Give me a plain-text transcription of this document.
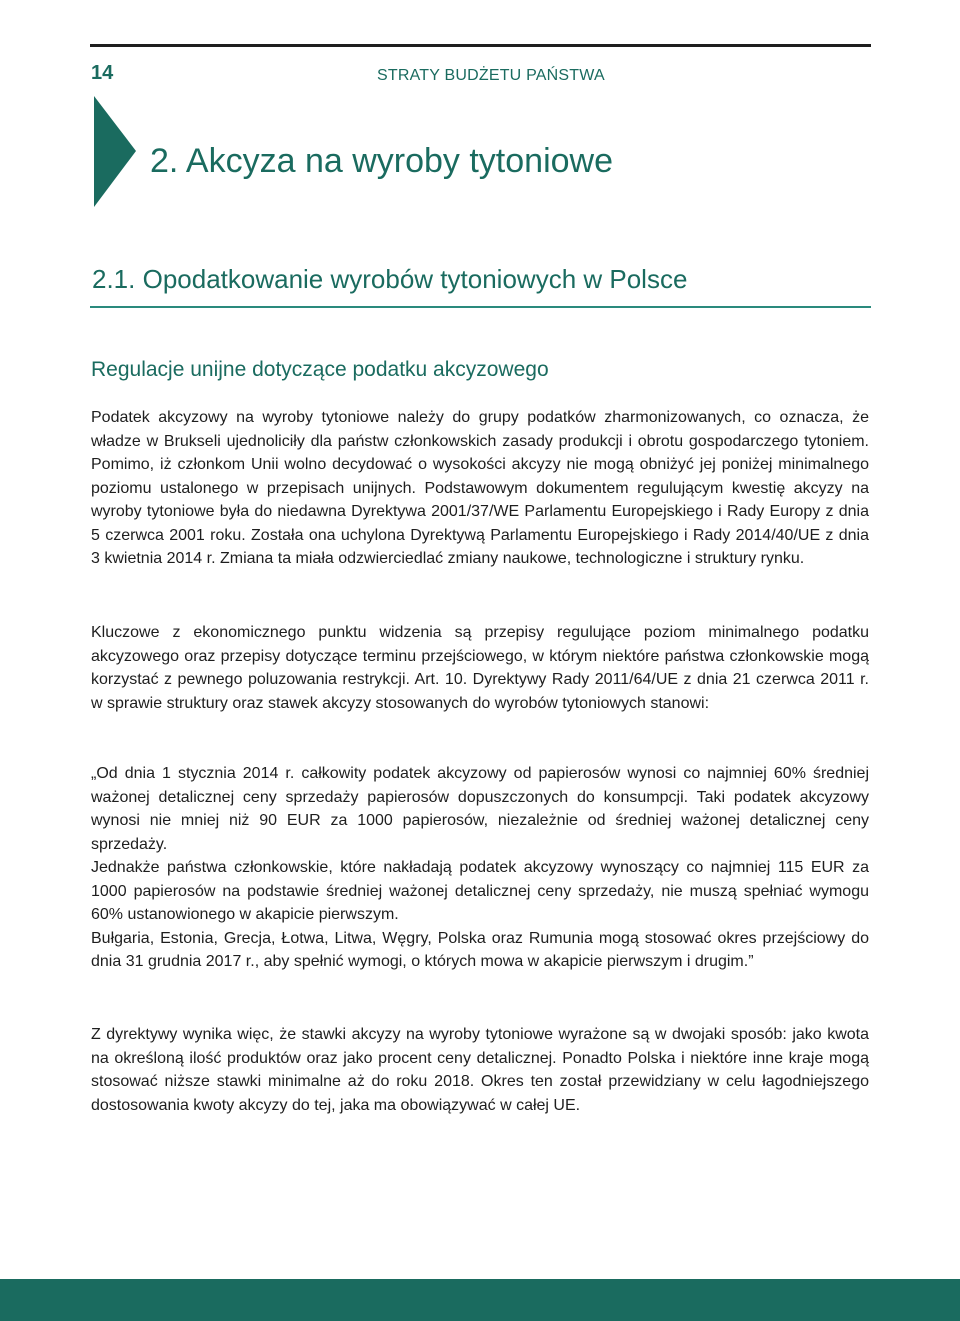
14	STRATY BUDŻETU PAŃSTWA
2. Akcyza na wyroby tytoniowe
2.1. Opodatkowanie wyrobów tytoniowych w Polsce
Regulacje unijne dotyczące podatku akcyzowego

Podatek akcyzowy na wyroby tytoniowe należy do grupy podatków zharmonizowanych, co oznacza, że władze w Brukseli ujednoliciły dla państw członkowskich zasady produkcji i obrotu gospodarczego tytoniem. Pomimo, iż członkom Unii wolno decydować o wysokości akcyzy nie mogą obniżyć jej poniżej minimalnego poziomu ustalonego w przepisach unijnych. Podstawowym dokumentem regulującym kwestię akcyzy na wyroby tytoniowe była do niedawna Dyrektywa 2001/37/WE Parlamentu Europejskiego i Rady Europy z dnia 5 czerwca 2001 roku. Została ona uchylona Dyrektywą Parlamentu Europejskiego i Rady 2014/40/UE z dnia 3 kwietnia 2014 r. Zmiana ta miała odzwierciedlać zmiany naukowe, technologiczne i struktury rynku.

Kluczowe z ekonomicznego punktu widzenia są przepisy regulujące poziom minimalnego podatku akcyzowego oraz przepisy dotyczące terminu przejściowego, w którym niektóre państwa członkowskie mogą korzystać z pewnego poluzowania restrykcji. Art. 10. Dyrektywy Rady 2011/64/UE z dnia 21 czerwca 2011 r. w sprawie struktury oraz stawek akcyzy stosowanych do wyrobów tytoniowych stanowi:

„Od dnia 1 stycznia 2014 r. całkowity podatek akcyzowy od papierosów wynosi co najmniej 60% średniej ważonej detalicznej ceny sprzedaży papierosów dopuszczonych do konsumpcji. Taki podatek akcyzowy wynosi nie mniej niż 90 EUR za 1000 papierosów, niezależnie od średniej ważonej detalicznej ceny sprzedaży.
Jednakże państwa członkowskie, które nakładają podatek akcyzowy wynoszący co najmniej 115 EUR za 1000 papierosów na podstawie średniej ważonej detalicznej ceny sprzedaży, nie muszą spełniać wymogu 60% ustanowionego w akapicie pierwszym.
Bułgaria, Estonia, Grecja, Łotwa, Litwa, Węgry, Polska oraz Rumunia mogą stosować okres przejściowy do dnia 31 grudnia 2017 r., aby spełnić wymogi, o których mowa w akapicie pierwszym i drugim.”

Z dyrektywy wynika więc, że stawki akcyzy na wyroby tytoniowe wyrażone są w dwojaki sposób: jako kwota na określoną ilość produktów oraz jako procent ceny detalicznej. Ponadto Polska i niektóre inne kraje mogą stosować niższe stawki minimalne aż do roku 2018. Okres ten został przewidziany w celu łagodniejszego dostosowania kwoty akcyzy do tej, jaka ma obowiązywać w całej UE.
